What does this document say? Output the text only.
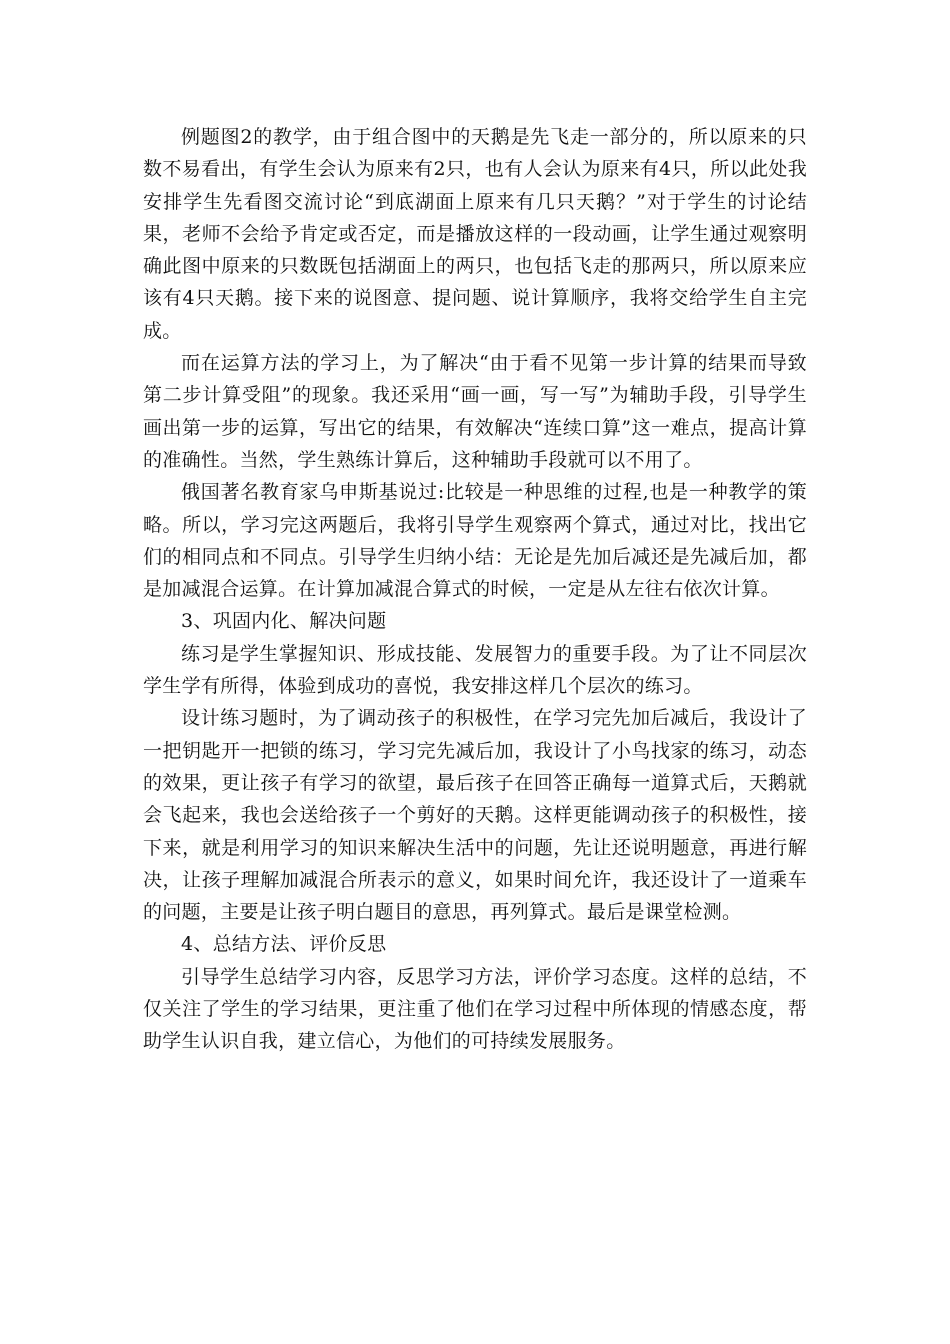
例题图2的教学，由于组合图中的天鹅是先飞走一部分的，所以原来的只数不易看出，有学生会认为原来有2只，也有人会认为原来有4只，所以此处我安排学生先看图交流讨论“到底湖面上原来有几只天鹅？”对于学生的讨论结果，老师不会给予肯定或否定，而是播放这样的一段动画，让学生通过观察明确此图中原来的只数既包括湖面上的两只，也包括飞走的那两只，所以原来应该有4只天鹅。接下来的说图意、提问题、说计算顺序，我将交给学生自主完成。

而在运算方法的学习上，为了解决“由于看不见第一步计算的结果而导致第二步计算受阻”的现象。我还采用“画一画，写一写”为辅助手段，引导学生画出第一步的运算，写出它的结果，有效解决“连续口算”这一难点，提高计算的准确性。当然，学生熟练计算后，这种辅助手段就可以不用了。

俄国著名教育家乌申斯基说过:比较是一种思维的过程,也是一种教学的策略。所以，学习完这两题后，我将引导学生观察两个算式，通过对比，找出它们的相同点和不同点。引导学生归纳小结：无论是先加后减还是先减后加，都是加减混合运算。在计算加减混合算式的时候，一定是从左往右依次计算。

3、巩固内化、解决问题

练习是学生掌握知识、形成技能、发展智力的重要手段。为了让不同层次学生学有所得，体验到成功的喜悦，我安排这样几个层次的练习。

设计练习题时，为了调动孩子的积极性，在学习完先加后减后，我设计了一把钥匙开一把锁的练习，学习完先减后加，我设计了小鸟找家的练习，动态的效果，更让孩子有学习的欲望，最后孩子在回答正确每一道算式后，天鹅就会飞起来，我也会送给孩子一个剪好的天鹅。这样更能调动孩子的积极性，接下来，就是利用学习的知识来解决生活中的问题，先让还说明题意，再进行解决，让孩子理解加减混合所表示的意义，如果时间允许，我还设计了一道乘车的问题，主要是让孩子明白题目的意思，再列算式。最后是课堂检测。

4、总结方法、评价反思

引导学生总结学习内容，反思学习方法，评价学习态度。这样的总结，不仅关注了学生的学习结果，更注重了他们在学习过程中所体现的情感态度，帮助学生认识自我，建立信心，为他们的可持续发展服务。
